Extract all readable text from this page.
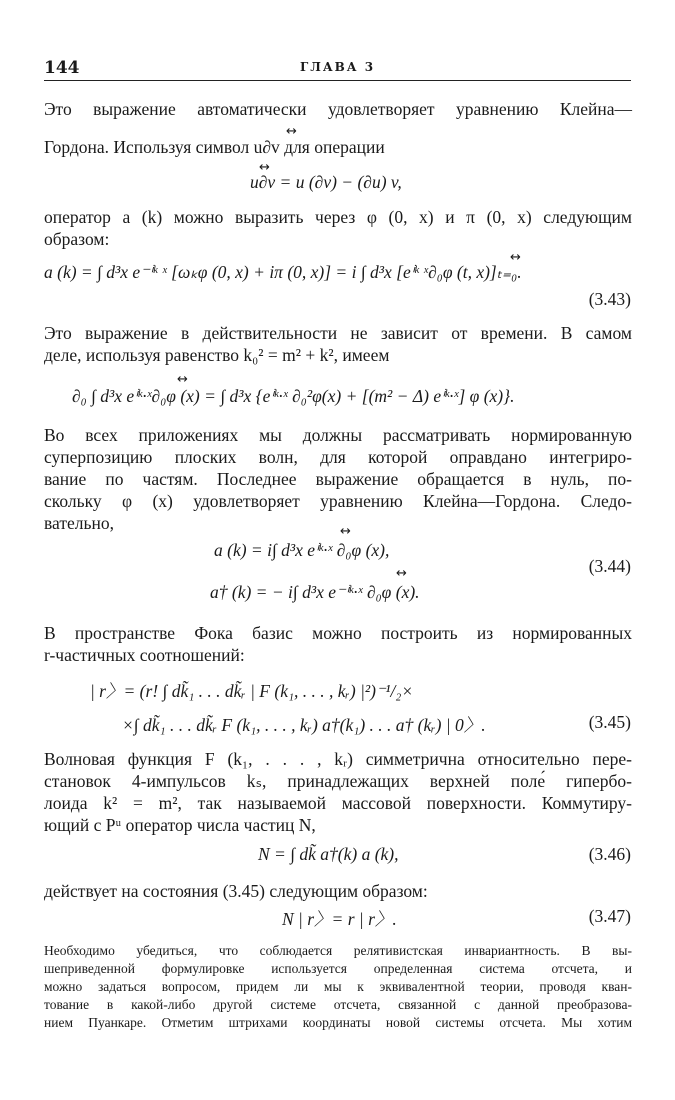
144	ГЛАВА 3
Это выражение автоматически удовлетворяет уравнению Клейна—
Гордона. Используя символ u∂v для операции
↔
u∂v = u (∂v) − (∂u) v,
↔
оператор a (k) можно выразить через φ (0, x) и π (0, x) следующим
образом:
a (k) = ∫ d³x e⁻ⁱᵏ ˣ [ωₖφ (0, x) + iπ (0, x)] = i ∫ d³x [eⁱᵏ ˣ∂₀φ (t, x)]ₜ₌₀.
↔
(3.43)
Это выражение в действительности не зависит от времени. В самом
деле, используя равенство k₀² = m² + k², имеем
∂₀ ∫ d³x eⁱᵏ·ˣ∂₀φ (x) = ∫ d³x {eⁱᵏ·ˣ ∂₀²φ(x) + [(m² − Δ) eⁱᵏ·ˣ] φ (x)}.
↔
Во всех приложениях мы должны рассматривать нормированную
суперпозицию плоских волн, для которой оправдано интегриро-
вание по частям. Последнее выражение обращается в нуль, по-
скольку φ (x) удовлетворяет уравнению Клейна—Гордона. Следо-
вательно,
a (k) = i∫ d³x eⁱᵏ·ˣ ∂₀φ (x),
↔
a† (k) = − i∫ d³x e⁻ⁱᵏ·ˣ ∂₀φ (x).
↔	(3.44)
В пространстве Фока базис можно построить из нормированных
r-частичных соотношений:
| r〉= (r! ∫ dk̃₁ . . . dk̃ᵣ | F (k₁, . . . , kᵣ) |²)⁻¹/₂×
×∫ dk̃₁ . . . dk̃ᵣ F (k₁, . . . , kᵣ) a†(k₁) . . . a† (kᵣ) | 0〉.	(3.45)
Волновая функция F (k₁, . . . , kᵣ) симметрична относительно пере-
становок 4-импульсов kₛ, принадлежащих верхней поле́ гипербо-
лоида k² = m², так называемой массовой поверхности. Коммутиру-
ющий с Pᵘ оператор числа частиц N,
N = ∫ dk̃ a†(k) a (k),	(3.46)
действует на состояния (3.45) следующим образом:
N | r〉= r | r〉.	(3.47)
Необходимо убедиться, что соблюдается релятивистская инвариантность. В вы-
шеприведенной формулировке используется определенная система отсчета, и
можно задаться вопросом, придем ли мы к эквивалентной теории, проводя кван-
тование в какой-либо другой системе отсчета, связанной с данной преобразова-
нием Пуанкаре. Отметим штрихами координаты новой системы отсчета. Мы хотим
